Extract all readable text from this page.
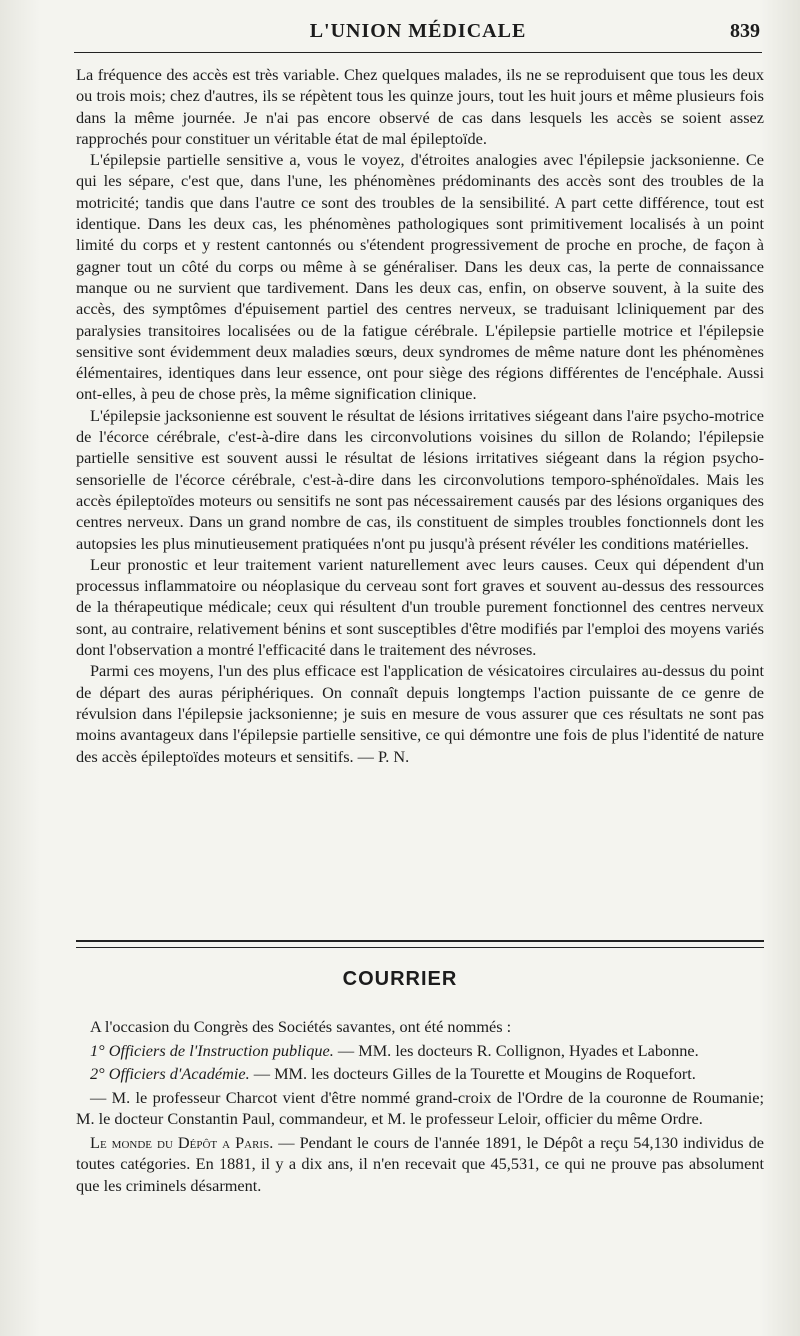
L'UNION MÉDICALE	839

La fréquence des accès est très variable. Chez quelques malades, ils ne se reproduisent que tous les deux ou trois mois; chez d'autres, ils se répètent tous les quinze jours, tout les huit jours et même plusieurs fois dans la même journée. Je n'ai pas encore observé de cas dans lesquels les accès se soient assez rapprochés pour constituer un véritable état de mal épileptoïde.

L'épilepsie partielle sensitive a, vous le voyez, d'étroites analogies avec l'épilepsie jacksonienne. Ce qui les sépare, c'est que, dans l'une, les phénomènes prédominants des accès sont des troubles de la motricité; tandis que dans l'autre ce sont des troubles de la sensibilité. A part cette différence, tout est identique. Dans les deux cas, les phénomènes pathologiques sont primitivement localisés à un point limité du corps et y restent cantonnés ou s'étendent progressivement de proche en proche, de façon à gagner tout un côté du corps ou même à se généraliser. Dans les deux cas, la perte de connaissance manque ou ne survient que tardivement. Dans les deux cas, enfin, on observe souvent, à la suite des accès, des symptômes d'épuisement partiel des centres nerveux, se traduisant lcliniquement par des paralysies transitoires localisées ou de la fatigue cérébrale. L'épilepsie partielle motrice et l'épilepsie sensitive sont évidemment deux maladies sœurs, deux syndromes de même nature dont les phénomènes élémentaires, identiques dans leur essence, ont pour siège des régions différentes de l'encéphale. Aussi ont-elles, à peu de chose près, la même signification clinique.

L'épilepsie jacksonienne est souvent le résultat de lésions irritatives siégeant dans l'aire psycho-motrice de l'écorce cérébrale, c'est-à-dire dans les circonvolutions voisines du sillon de Rolando; l'épilepsie partielle sensitive est souvent aussi le résultat de lésions irritatives siégeant dans la région psycho-sensorielle de l'écorce cérébrale, c'est-à-dire dans les circonvolutions temporo-sphénoïdales. Mais les accès épileptoïdes moteurs ou sensitifs ne sont pas nécessairement causés par des lésions organiques des centres nerveux. Dans un grand nombre de cas, ils constituent de simples troubles fonctionnels dont les autopsies les plus minutieusement pratiquées n'ont pu jusqu'à présent révéler les conditions matérielles.

Leur pronostic et leur traitement varient naturellement avec leurs causes. Ceux qui dépendent d'un processus inflammatoire ou néoplasique du cerveau sont fort graves et souvent au-dessus des ressources de la thérapeutique médicale; ceux qui résultent d'un trouble purement fonctionnel des centres nerveux sont, au contraire, relativement bénins et sont susceptibles d'être modifiés par l'emploi des moyens variés dont l'observation a montré l'efficacité dans le traitement des névroses.

Parmi ces moyens, l'un des plus efficace est l'application de vésicatoires circulaires au-dessus du point de départ des auras périphériques. On connaît depuis longtemps l'action puissante de ce genre de révulsion dans l'épilepsie jacksonienne; je suis en mesure de vous assurer que ces résultats ne sont pas moins avantageux dans l'épilepsie partielle sensitive, ce qui démontre une fois de plus l'identité de nature des accès épileptoïdes moteurs et sensitifs. — P. N.

COURRIER

A l'occasion du Congrès des Sociétés savantes, ont été nommés :

1° Officiers de l'Instruction publique. — MM. les docteurs R. Collignon, Hyades et Labonne.

2° Officiers d'Académie. — MM. les docteurs Gilles de la Tourette et Mougins de Roquefort.

— M. le professeur Charcot vient d'être nommé grand-croix de l'Ordre de la couronne de Roumanie; M. le docteur Constantin Paul, commandeur, et M. le professeur Leloir, officier du même Ordre.

Le monde du Dépôt a Paris. — Pendant le cours de l'année 1891, le Dépôt a reçu 54,130 individus de toutes catégories. En 1881, il y a dix ans, il n'en recevait que 45,531, ce qui ne prouve pas absolument que les criminels désarment.
